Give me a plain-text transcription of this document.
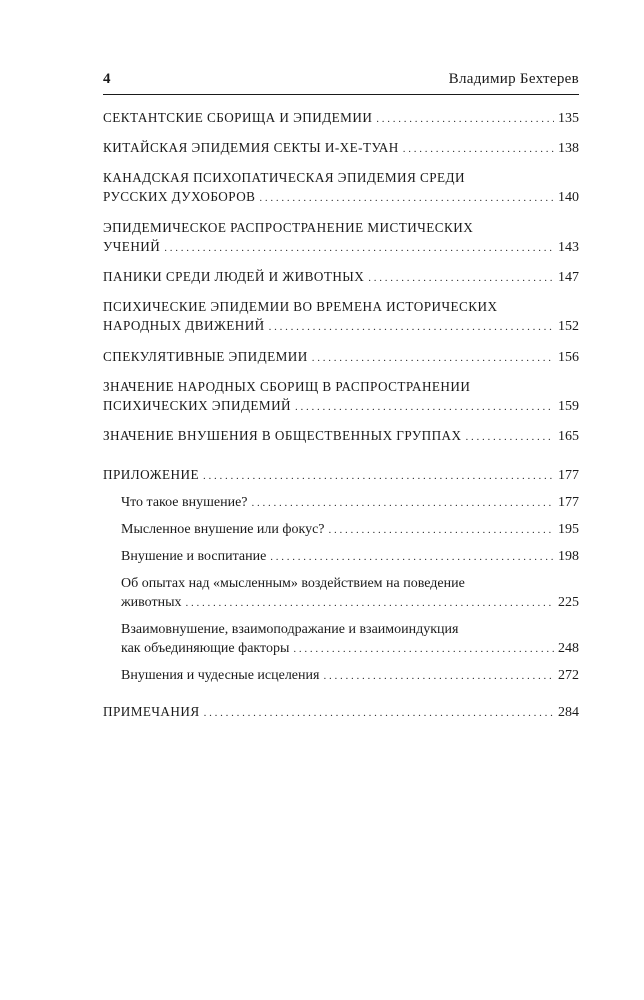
4	Владимир Бехтерев
СЕКТАНТСКИЕ СБОРИЩА И ЭПИДЕМИИ . . .	135
КИТАЙСКАЯ ЭПИДЕМИЯ СЕКТЫ И-ХЕ-ТУАН . . .	138
КАНАДСКАЯ ПСИХОПАТИЧЕСКАЯ ЭПИДЕМИЯ СРЕДИ
РУССКИХ ДУХОБОРОВ . . .	140
ЭПИДЕМИЧЕСКОЕ РАСПРОСТРАНЕНИЕ МИСТИЧЕСКИХ
УЧЕНИЙ . . .	143
ПАНИКИ СРЕДИ ЛЮДЕЙ И ЖИВОТНЫХ . . .	147
ПСИХИЧЕСКИЕ ЭПИДЕМИИ ВО ВРЕМЕНА ИСТОРИЧЕСКИХ
НАРОДНЫХ ДВИЖЕНИЙ . . .	152
СПЕКУЛЯТИВНЫЕ ЭПИДЕМИИ . . .	156
ЗНАЧЕНИЕ НАРОДНЫХ СБОРИЩ В РАСПРОСТРАНЕНИИ
ПСИХИЧЕСКИХ ЭПИДЕМИЙ . . .	159
ЗНАЧЕНИЕ ВНУШЕНИЯ В ОБЩЕСТВЕННЫХ ГРУППАХ . . .	165
ПРИЛОЖЕНИЕ . . .	177
Что такое внушение? . . .	177
Мысленное внушение или фокус? . . .	195
Внушение и воспитание . . .	198
Об опытах над «мысленным» воздействием на поведение
животных . . .	225
Взаимовнушение, взаимоподражание и взаимоиндукция
как объединяющие факторы . . .	248
Внушения и чудесные исцеления . . .	272
ПРИМЕЧАНИЯ . . .	284
